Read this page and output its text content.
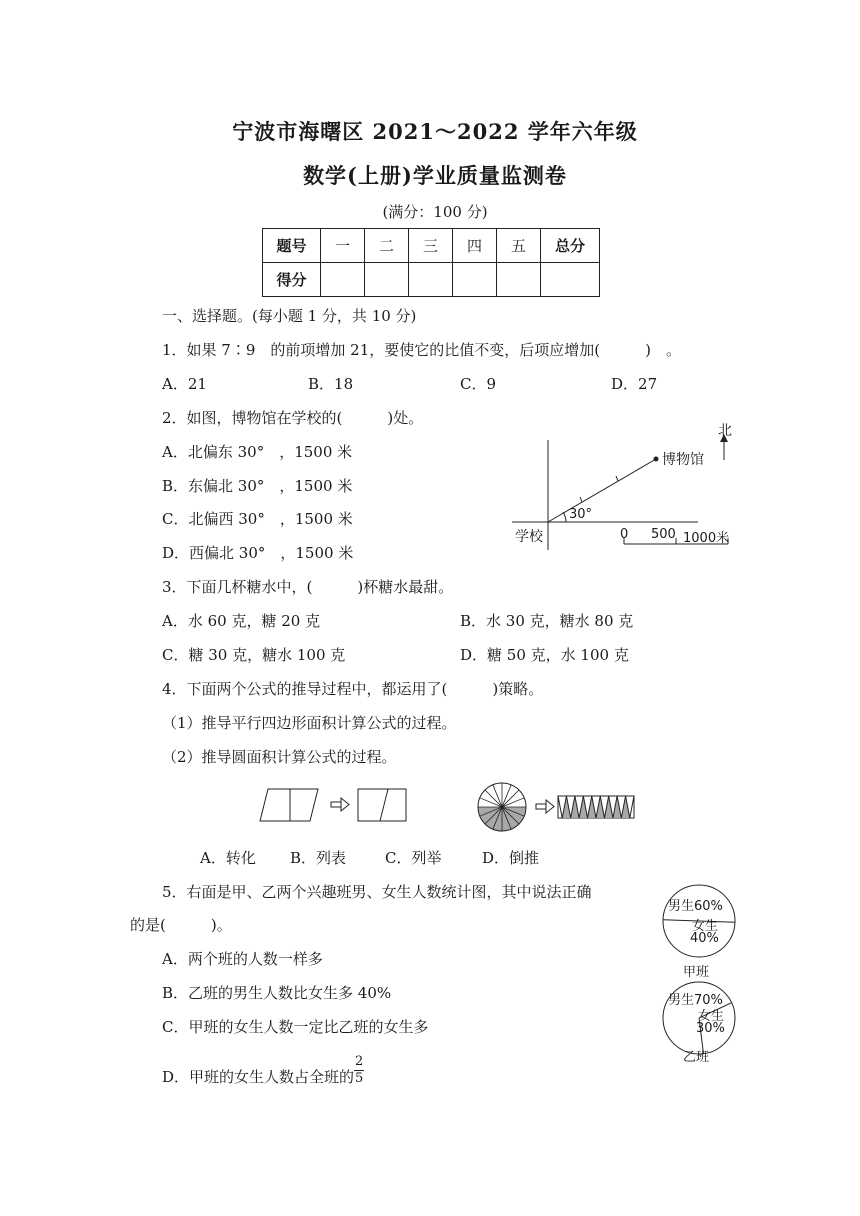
宁波市海曙区 2021～2022 学年六年级
数学(上册)学业质量监测卷
(满分：100 分)
题号	一	二	三	四	五	总分
得分						
一、选择题。(每小题 1 分，共 10 分)
1．如果 7∶9　的前项增加 21，要使它的比值不变，后项应增加(　　　)　。
A．21	B．18	C．9	D．27
2．如图，博物馆在学校的(　　　)处。
A．北偏东 30°　，1500 米
B．东偏北 30°　，1500 米
C．北偏西 30°　，1500 米
D．西偏北 30°　，1500 米
北
博物馆
30°
学校	0 500 1000米
3．下面几杯糖水中，(　　　)杯糖水最甜。
A．水 60 克，糖 20 克	B．水 30 克，糖水 80 克
C．糖 30 克，糖水 100 克	D．糖 50 克，水 100 克
4．下面两个公式的推导过程中，都运用了(　　　)策略。
（1）推导平行四边形面积计算公式的过程。
（2）推导圆面积计算公式的过程。
A．转化 B．列表	C．列举	D．倒推
5．右面是甲、乙两个兴趣班男、女生人数统计图，其中说法正确
的是(　　　)。
A．两个班的人数一样多
B．乙班的男生人数比女生多 40%
C．甲班的女生人数一定比乙班的女生多
D．甲班的女生人数占全班的 $\frac{2}{5}$
男生60%
女生
40%
甲班
男生70%
女生
30%
乙班
